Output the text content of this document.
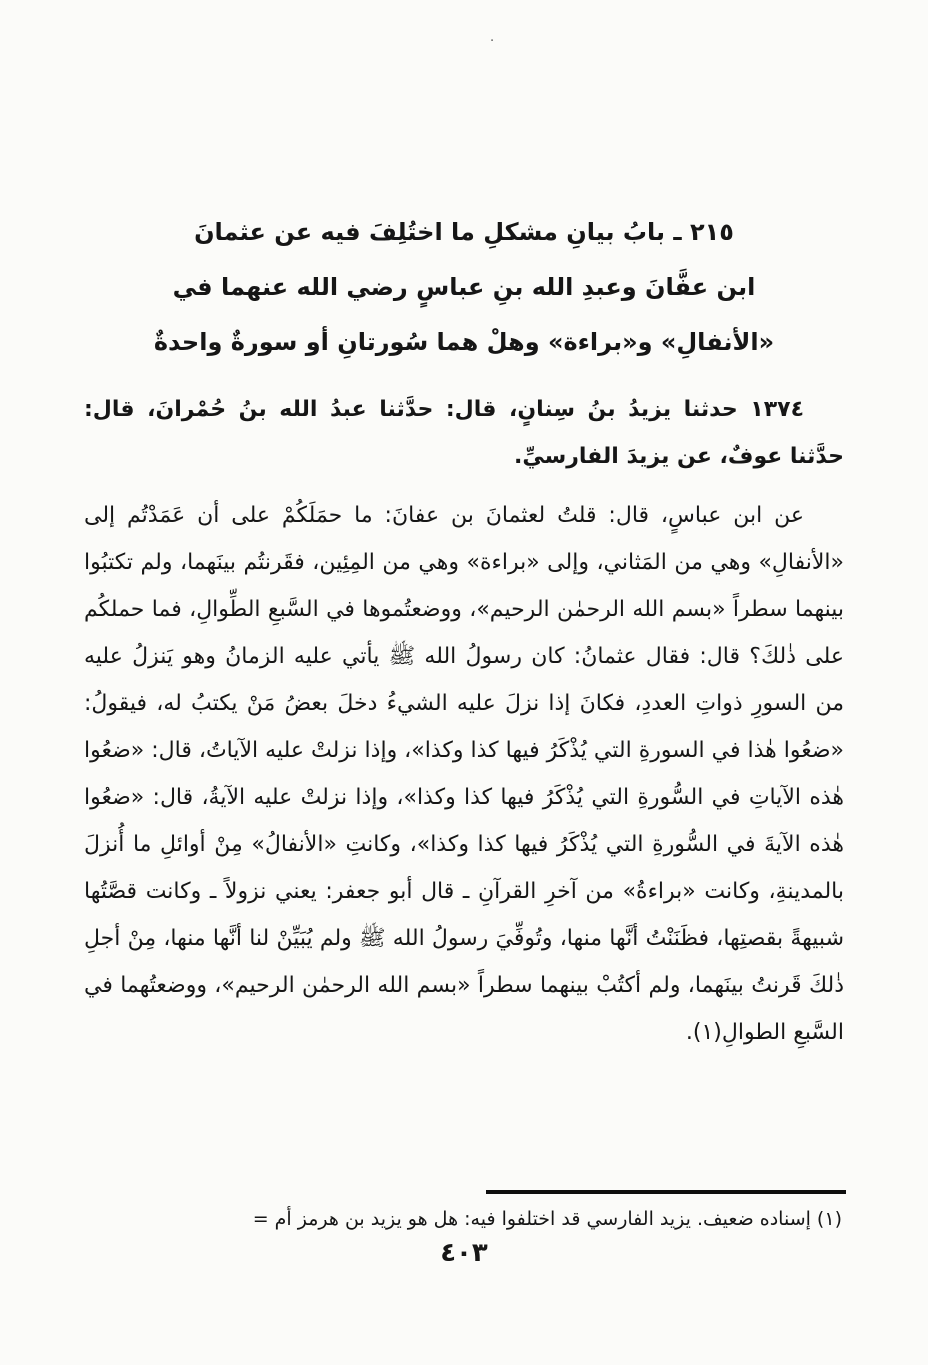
·
٢١٥ ـ بابُ بيانِ مشكلِ ما اختُلِفَ فيه عن عثمانَ
ابن عفَّانَ وعبدِ الله بنِ عباسٍ رضي الله عنهما في
«الأنفالِ» و«براءة» وهلْ هما سُورتانِ أو سورةٌ واحدةٌ

١٣٧٤ حدثنا يزيدُ بنُ سِنانٍ، قال: حدَّثنا عبدُ الله بنُ حُمْرانَ، قال: حدَّثنا عوفٌ، عن يزيدَ الفارسيِّ.

عن ابن عباسٍ، قال: قلتُ لعثمانَ بن عفانَ: ما حمَلَكُمْ على أن عَمَدْتُم إلى «الأنفالِ» وهي من المَثاني، وإلى «براءة» وهي من المِئِين، فقَرنتُم بينَهما، ولم تكتبُوا بينهما سطراً «بسم الله الرحمٰن الرحيم»، ووضعتُموها في السَّبعِ الطِّوالِ، فما حملكُم على ذٰلكَ؟ قال: فقال عثمانُ: كان رسولُ الله ﷺ يأتي عليه الزمانُ وهو يَنزلُ عليه من السورِ ذواتِ العددِ، فكانَ إذا نزلَ عليه الشيءُ دخلَ بعضُ مَنْ يكتبُ له، فيقولُ: «ضعُوا هٰذا في السورةِ التي يُذْكَرُ فيها كذا وكذا»، وإذا نزلتْ عليه الآياتُ، قال: «ضعُوا هٰذه الآياتِ في السُّورةِ التي يُذْكَرُ فيها كذا وكذا»، وإذا نزلتْ عليه الآيةُ، قال: «ضعُوا هٰذه الآيةَ في السُّورةِ التي يُذْكَرُ فيها كذا وكذا»، وكانتِ «الأنفالُ» مِنْ أوائلِ ما أُنزلَ بالمدينةِ، وكانت «براءةُ» من آخرِ القرآنِ ـ قال أبو جعفر: يعني نزولاً ـ وكانت قصَّتُها شبيهةً بقصتِها، فظَنَنْتُ أنَّها منها، وتُوفِّيَ رسولُ الله ﷺ ولم يُبَيِّنْ لنا أنَّها منها، مِنْ أجلِ ذٰلكَ قَرنتُ بينَهما، ولم أكتُبْ بينهما سطراً «بسم الله الرحمٰن الرحيم»، ووضعتُهما في السَّبعِ الطوالِ(١).

(١) إسناده ضعيف. يزيد الفارسي قد اختلفوا فيه: هل هو يزيد بن هرمز أم =
٤٠٣
